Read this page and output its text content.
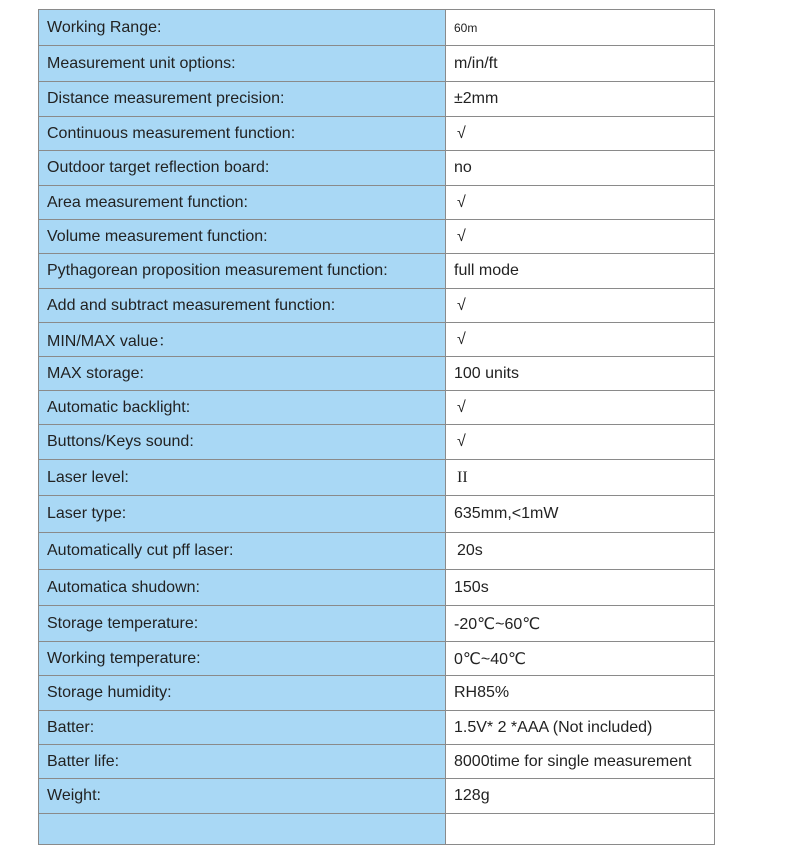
Working Range:	60m
Measurement unit options:	m/in/ft
Distance measurement precision:	±2mm
Continuous measurement function:	√
Outdoor target reflection board:	no
Area measurement function:	√
Volume measurement function:	√
Pythagorean proposition measurement function:	full mode
Add and subtract measurement function:	√
MIN/MAX value：	√
MAX storage:	100 units
Automatic backlight:	√
Buttons/Keys sound:	√
Laser level:	II
Laser type:	635mm,<1mW
Automatically cut pff laser:	20s
Automatica shudown:	150s
Storage temperature:	-20℃~60℃
Working temperature:	0℃~40℃
Storage humidity:	RH85%
Batter:	1.5V* 2 *AAA (Not included)
Batter life:	8000time for single measurement
Weight:	128g
